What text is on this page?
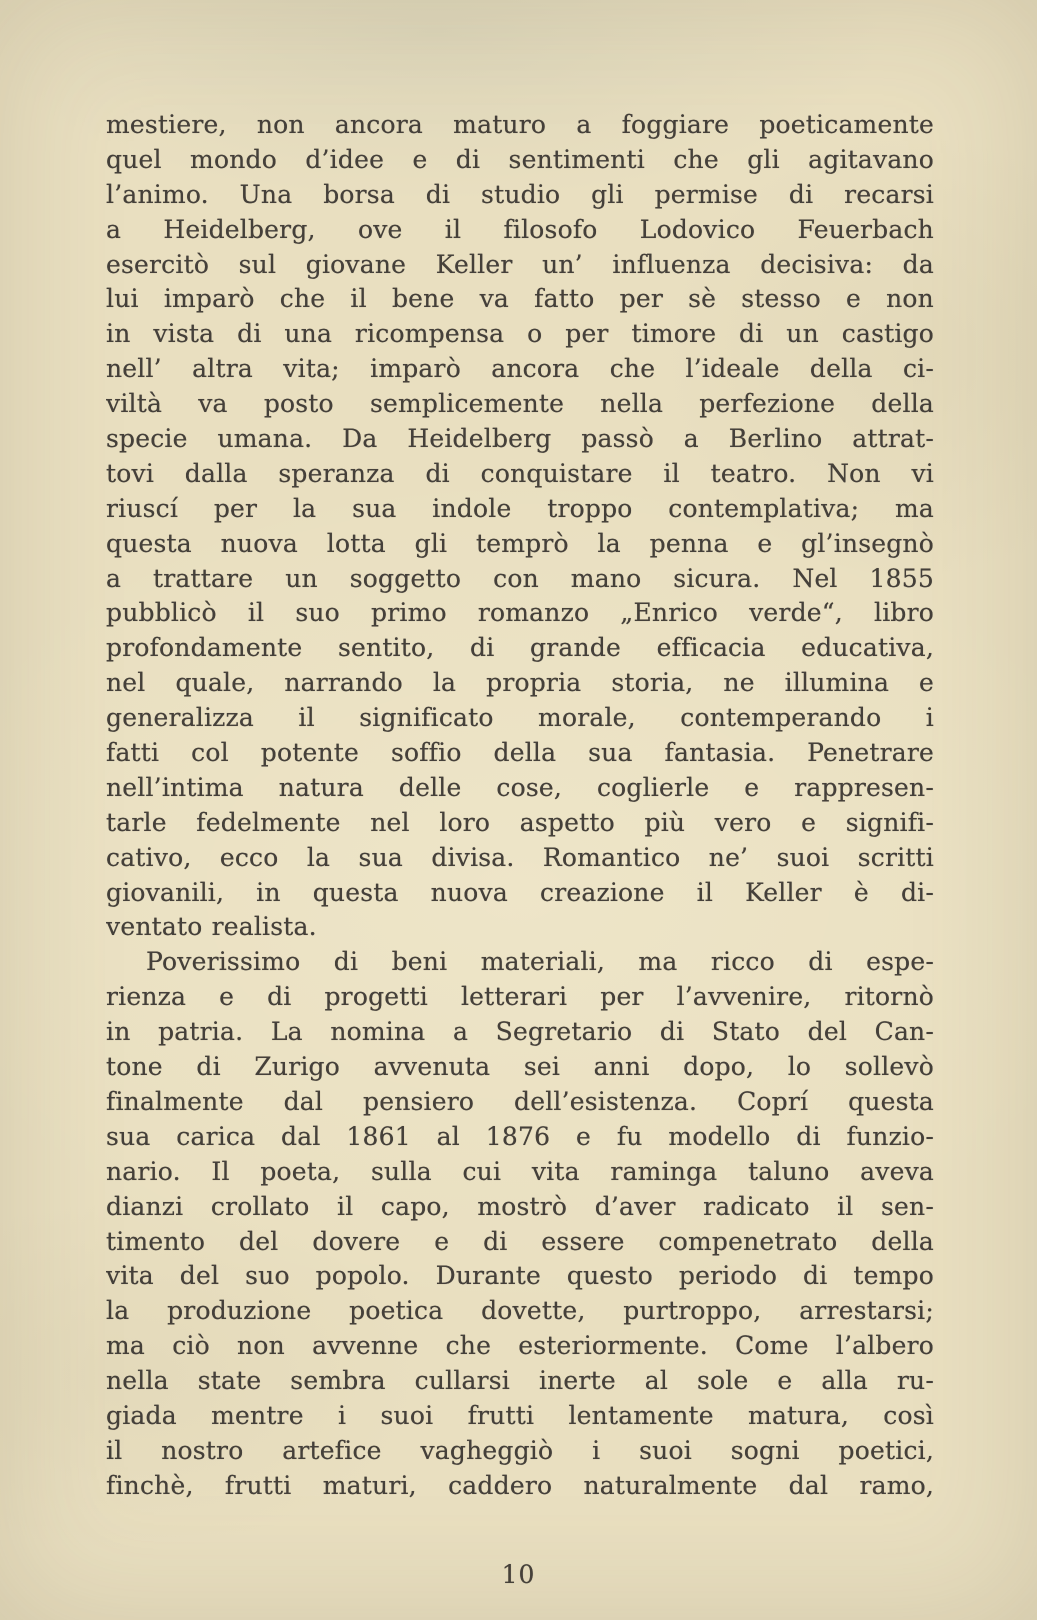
mestiere, non ancora maturo a foggiare poeticamente
quel mondo d’idee e di sentimenti che gli agitavano
l’animo. Una borsa di studio gli permise di recarsi
a Heidelberg, ove il filosofo Lodovico Feuerbach
esercitò sul giovane Keller un’ influenza decisiva: da
lui imparò che il bene va fatto per sè stesso e non
in vista di una ricompensa o per timore di un castigo
nell’ altra vita; imparò ancora che l’ideale della ci-
viltà va posto semplicemente nella perfezione della
specie umana. Da Heidelberg passò a Berlino attrat-
tovi dalla speranza di conquistare il teatro. Non vi
riuscí per la sua indole troppo contemplativa; ma
questa nuova lotta gli temprò la penna e gl’insegnò
a trattare un soggetto con mano sicura. Nel 1855
pubblicò il suo primo romanzo „Enrico verde“, libro
profondamente sentito, di grande efficacia educativa,
nel quale, narrando la propria storia, ne illumina e
generalizza il significato morale, contemperando i
fatti col potente soffio della sua fantasia. Penetrare
nell’intima natura delle cose, coglierle e rappresen-
tarle fedelmente nel loro aspetto più vero e signifi-
cativo, ecco la sua divisa. Romantico ne’ suoi scritti
giovanili, in questa nuova creazione il Keller è di-
ventato realista.
Poverissimo di beni materiali, ma ricco di espe-
rienza e di progetti letterari per l’avvenire, ritornò
in patria. La nomina a Segretario di Stato del Can-
tone di Zurigo avvenuta sei anni dopo, lo sollevò
finalmente dal pensiero dell’esistenza. Coprí questa
sua carica dal 1861 al 1876 e fu modello di funzio-
nario. Il poeta, sulla cui vita raminga taluno aveva
dianzi crollato il capo, mostrò d’aver radicato il sen-
timento del dovere e di essere compenetrato della
vita del suo popolo. Durante questo periodo di tempo
la produzione poetica dovette, purtroppo, arrestarsi;
ma ciò non avvenne che esteriormente. Come l’albero
nella state sembra cullarsi inerte al sole e alla ru-
giada mentre i suoi frutti lentamente matura, così
il nostro artefice vagheggiò i suoi sogni poetici,
finchè, frutti maturi, caddero naturalmente dal ramo,
10
